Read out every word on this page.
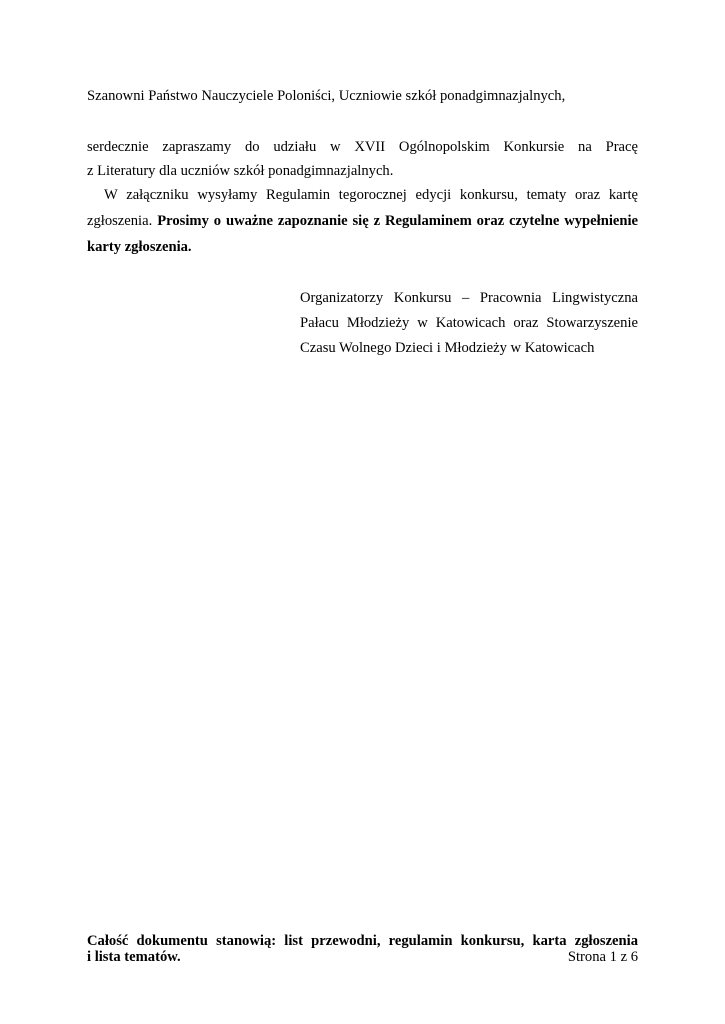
Szanowni Państwo Nauczyciele Poloniści, Uczniowie szkół ponadgimnazjalnych,
serdecznie zapraszamy do udziału w XVII Ogólnopolskim Konkursie na Pracę
z Literatury dla uczniów szkół ponadgimnazjalnych.
W załączniku wysyłamy Regulamin tegorocznej edycji konkursu, tematy oraz kartę
zgłoszenia. Prosimy o uważne zapoznanie się z Regulaminem oraz czytelne wypełnienie
karty zgłoszenia.
Organizatorzy Konkursu – Pracownia Lingwistyczna
Pałacu Młodzieży w Katowicach oraz Stowarzyszenie
Czasu Wolnego Dzieci i Młodzieży w Katowicach
Całość dokumentu stanowią: list przewodni, regulamin konkursu, karta zgłoszenia
i lista tematów.	Strona 1 z 6
